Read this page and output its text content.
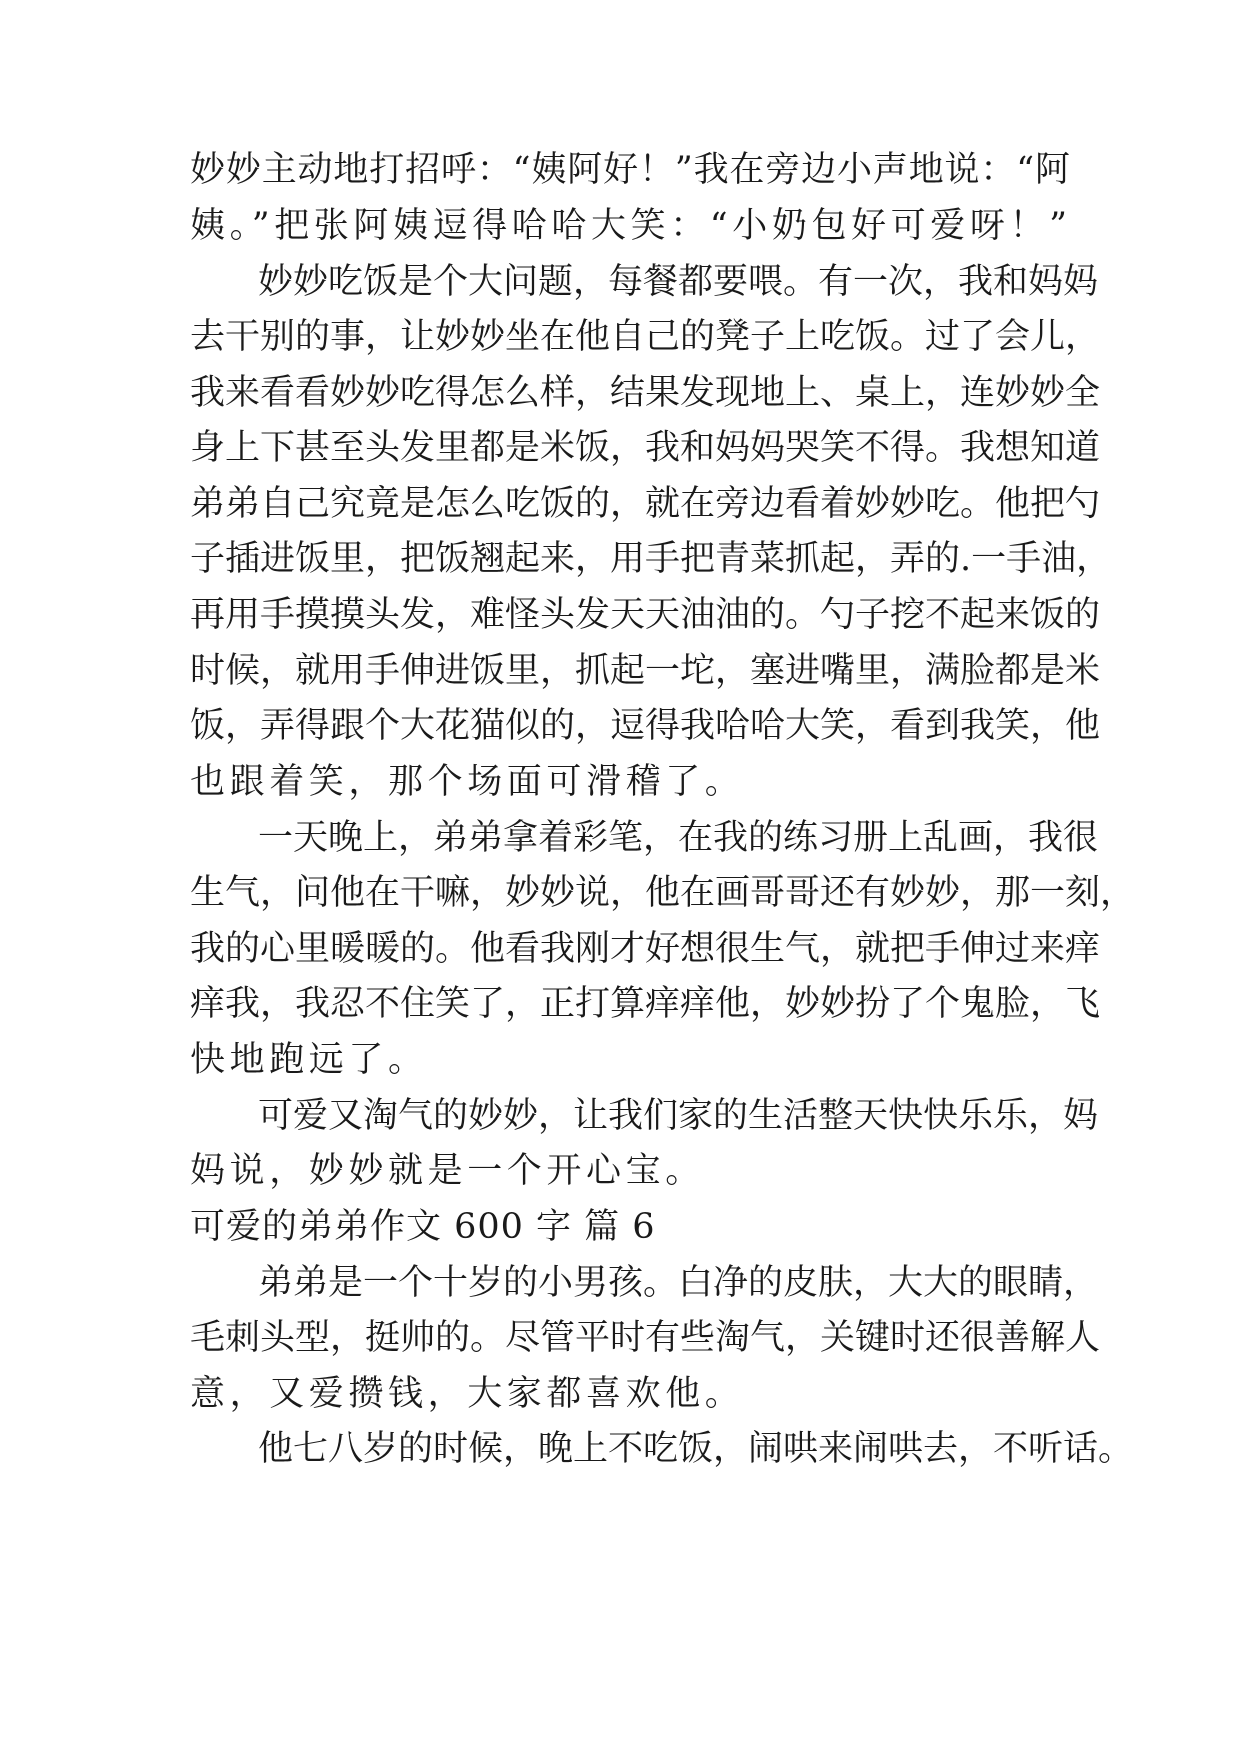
妙妙主动地打招呼：“姨阿好！”我在旁边小声地说：“阿
姨。”把张阿姨逗得哈哈大笑：“小奶包好可爱呀！”
妙妙吃饭是个大问题，每餐都要喂。有一次，我和妈妈
去干别的事，让妙妙坐在他自己的凳子上吃饭。过了会儿，
我来看看妙妙吃得怎么样，结果发现地上、桌上，连妙妙全
身上下甚至头发里都是米饭，我和妈妈哭笑不得。我想知道
弟弟自己究竟是怎么吃饭的，就在旁边看着妙妙吃。他把勺
子插进饭里，把饭翘起来，用手把青菜抓起，弄的.一手油，
再用手摸摸头发，难怪头发天天油油的。勺子挖不起来饭的
时候，就用手伸进饭里，抓起一坨，塞进嘴里，满脸都是米
饭，弄得跟个大花猫似的，逗得我哈哈大笑，看到我笑，他
也跟着笑，那个场面可滑稽了。
一天晚上，弟弟拿着彩笔，在我的练习册上乱画，我很
生气，问他在干嘛，妙妙说，他在画哥哥还有妙妙，那一刻，
我的心里暖暖的。他看我刚才好想很生气，就把手伸过来痒
痒我，我忍不住笑了，正打算痒痒他，妙妙扮了个鬼脸，飞
快地跑远了。
可爱又淘气的妙妙，让我们家的生活整天快快乐乐，妈
妈说，妙妙就是一个开心宝。
可爱的弟弟作文 600 字 篇 6
弟弟是一个十岁的小男孩。白净的皮肤，大大的眼睛，
毛刺头型，挺帅的。尽管平时有些淘气，关键时还很善解人
意，又爱攒钱，大家都喜欢他。
他七八岁的时候，晚上不吃饭，闹哄来闹哄去，不听话。
